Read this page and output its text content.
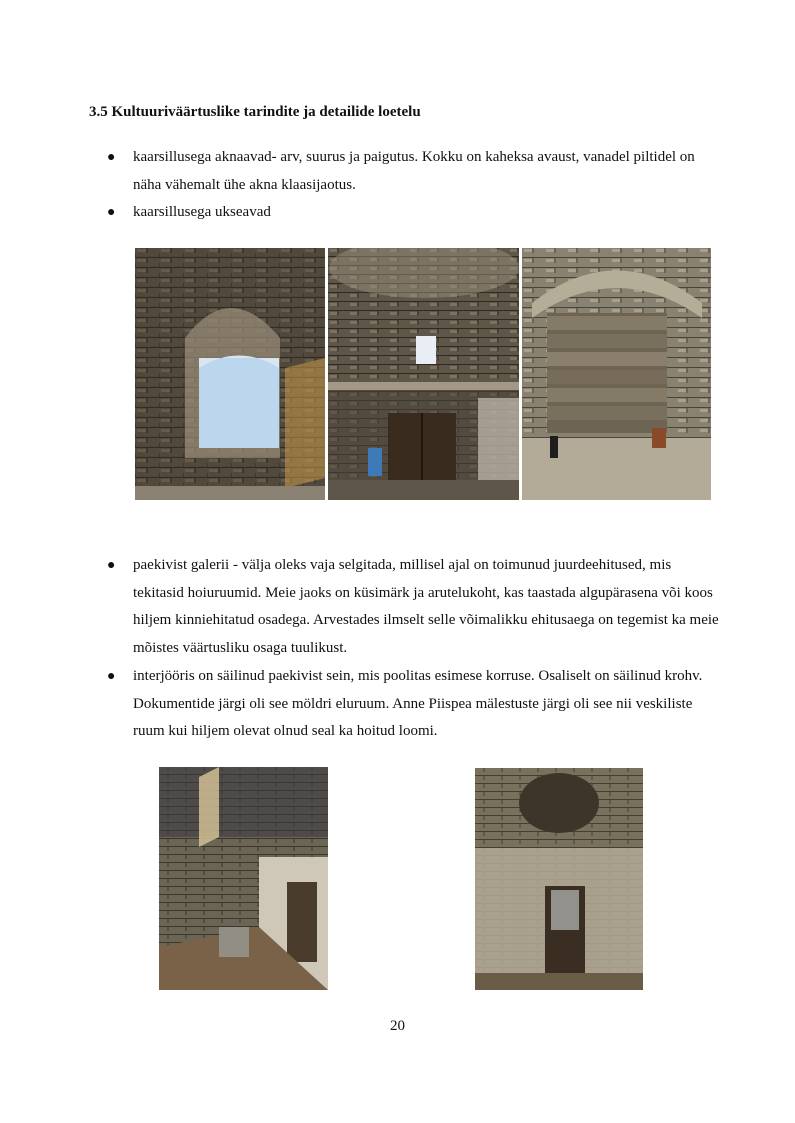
3.5 Kultuuriväärtuslike tarindite ja detailide loetelu
● kaarsillusega aknaavad- arv, suurus ja paigutus. Kokku on kaheksa avaust, vanadel piltidel on näha vähemalt ühe akna klaasijaotus.
● kaarsillusega ukseavad
● paekivist galerii - välja oleks vaja selgitada, millisel ajal on toimunud juurdeehitused, mis tekitasid hoiuruumid. Meie jaoks on küsimärk ja arutelukoht, kas taastada algupärasena või koos hiljem kinniehitatud osadega. Arvestades ilmselt selle võimalikku ehitusaega on tegemist ka meie mõistes väärtusliku osaga tuulikust.
● interjööris on säilinud paekivist sein, mis poolitas esimese korruse. Osaliselt on säilinud krohv. Dokumentide järgi oli see möldri eluruum. Anne Piispea mälestuste järgi oli see nii veskiliste ruum kui hiljem olevat olnud seal ka hoitud loomi.
20
